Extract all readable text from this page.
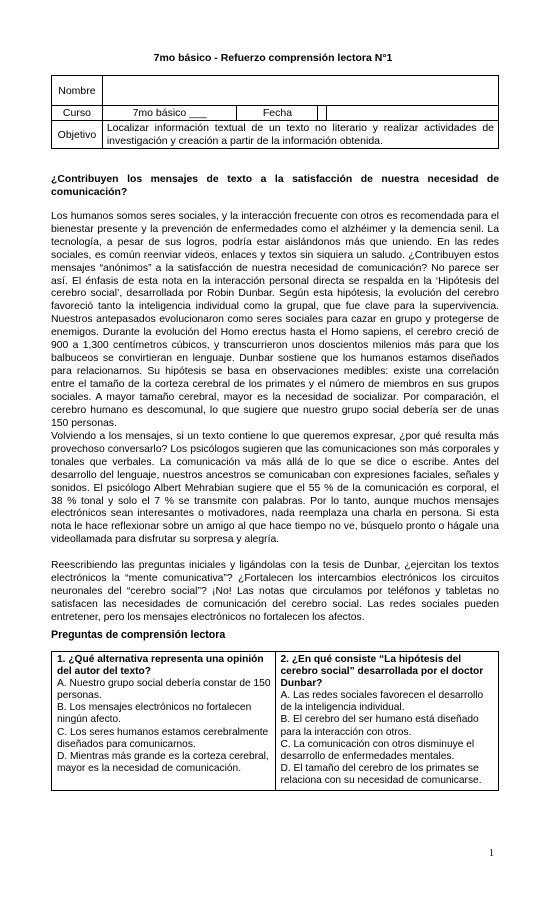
7mo básico - Refuerzo comprensión lectora N°1
Nombre				
Curso	7mo básico ___	Fecha		
Objetivo	Localizar información textual de un texto no literario y realizar actividades de investigación y creación a partir de la información obtenida.			

¿Contribuyen los mensajes de texto a la satisfacción de nuestra necesidad de comunicación?

Los humanos somos seres sociales, y la interacción frecuente con otros es recomendada para el bienestar presente y la prevención de enfermedades como el alzhéimer y la demencia senil. La tecnología, a pesar de sus logros, podría estar aislándonos más que uniendo. En las redes sociales, es común reenviar videos, enlaces y textos sin siquiera un saludo. ¿Contribuyen estos mensajes “anónimos” a la satisfacción de nuestra necesidad de comunicación? No parece ser así. El énfasis de esta nota en la interacción personal directa se respalda en la ‘Hipótesis del cerebro social’, desarrollada por Robin Dunbar. Según esta hipótesis, la evolución del cerebro favoreció tanto la inteligencia individual como la grupal, que fue clave para la supervivencia. Nuestros antepasados evolucionaron como seres sociales para cazar en grupo y protegerse de enemigos. Durante la evolución del Homo erectus hasta el Homo sapiens, el cerebro creció de 900 a 1,300 centímetros cúbicos, y transcurrieron unos doscientos milenios más para que los balbuceos se convirtieran en lenguaje. Dunbar sostiene que los humanos estamos diseñados para relacionarnos. Su hipótesis se basa en observaciones medibles: existe una correlación entre el tamaño de la corteza cerebral de los primates y el número de miembros en sus grupos sociales. A mayor tamaño cerebral, mayor es la necesidad de socializar. Por comparación, el cerebro humano es descomunal, lo que sugiere que nuestro grupo social debería ser de unas 150 personas.

Volviendo a los mensajes, si un texto contiene lo que queremos expresar, ¿por qué resulta más provechoso conversarlo? Los psicólogos sugieren que las comunicaciones son más corporales y tonales que verbales. La comunicación va más allá de lo que se dice o escribe. Antes del desarrollo del lenguaje, nuestros ancestros se comunicaban con expresiones faciales, señales y sonidos. El psicólogo Albert Mehrabian sugiere que el 55 % de la comunicación es corporal, el 38 % tonal y solo el 7 % se transmite con palabras. Por lo tanto, aunque muchos mensajes electrónicos sean interesantes o motivadores, nada reemplaza una charla en persona. Si esta nota le hace reflexionar sobre un amigo al que hace tiempo no ve, búsquelo pronto o hágale una videollamada para disfrutar su sorpresa y alegría.

Reescribiendo las preguntas iniciales y ligándolas con la tesis de Dunbar, ¿ejercitan los textos electrónicos la “mente comunicativa”? ¿Fortalecen los intercambios electrónicos los circuitos neuronales del “cerebro social”? ¡No! Las notas que circulamos por teléfonos y tabletas no satisfacen las necesidades de comunicación del cerebro social. Las redes sociales pueden entretener, pero los mensajes electrónicos no fortalecen los afectos.

Preguntas de comprensión lectora
1. ¿Qué alternativa representa una opinión del autor del texto?
A. Nuestro grupo social debería constar de 150 personas.
B. Los mensajes electrónicos no fortalecen ningún afecto.
C. Los seres humanos estamos cerebralmente diseñados para comunicarnos.
D. Mientras más grande es la corteza cerebral, mayor es la necesidad de comunicación.

2. ¿En qué consiste “La hipótesis del cerebro social” desarrollada por el doctor Dunbar?
A. Las redes sociales favorecen el desarrollo de la inteligencia individual.
B. El cerebro del ser humano está diseñado para la interacción con otros.
C. La comunicación con otros disminuye el desarrollo de enfermedades mentales.
D. El tamaño del cerebro de los primates se relaciona con su necesidad de comunicarse.
1
